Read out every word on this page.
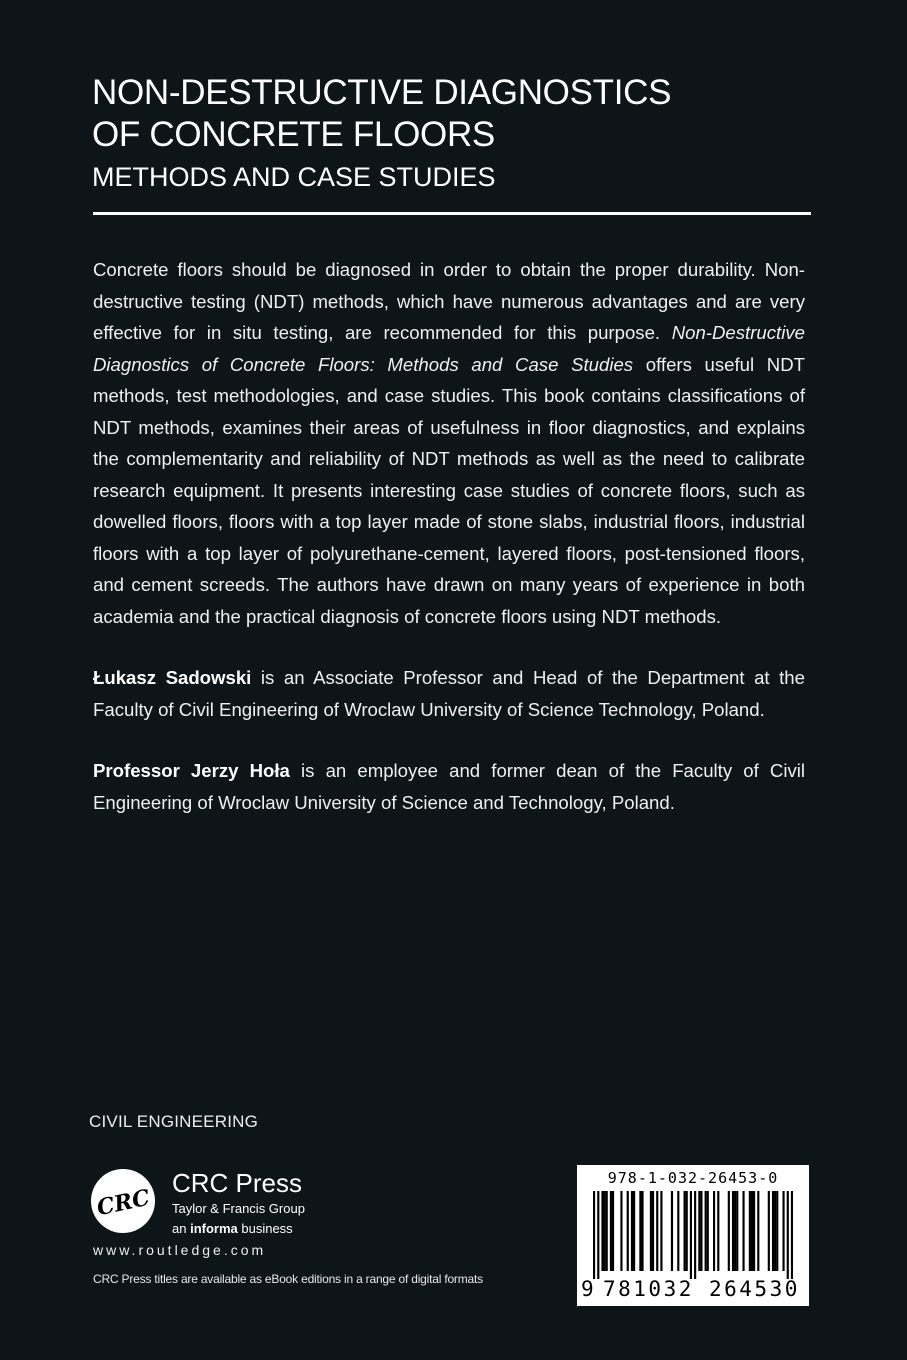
NON-DESTRUCTIVE DIAGNOSTICS
OF CONCRETE FLOORS
METHODS AND CASE STUDIES

Concrete floors should be diagnosed in order to obtain the proper durability. Non-destructive testing (NDT) methods, which have numerous advantages and are very effective for in situ testing, are recommended for this purpose. Non-Destructive Diagnostics of Concrete Floors: Methods and Case Studies offers useful NDT methods, test methodologies, and case studies. This book contains classifications of NDT methods, examines their areas of usefulness in floor diagnostics, and explains the complementarity and reliability of NDT methods as well as the need to calibrate research equipment. It presents interesting case studies of concrete floors, such as dowelled floors, floors with a top layer made of stone slabs, industrial floors, industrial floors with a top layer of polyurethane-cement, layered floors, post-tensioned floors, and cement screeds. The authors have drawn on many years of experience in both academia and the practical diagnosis of concrete floors using NDT methods.

Łukasz Sadowski is an Associate Professor and Head of the Department at the Faculty of Civil Engineering of Wroclaw University of Science Technology, Poland.

Professor Jerzy Hoła is an employee and former dean of the Faculty of Civil Engineering of Wroclaw University of Science and Technology, Poland.

CIVIL ENGINEERING
CRC
CRC Press
Taylor & Francis Group
an informa business
www.routledge.com
CRC Press titles are available as eBook editions in a range of digital formats
978-1-032-26453-0
9 781032 264530
